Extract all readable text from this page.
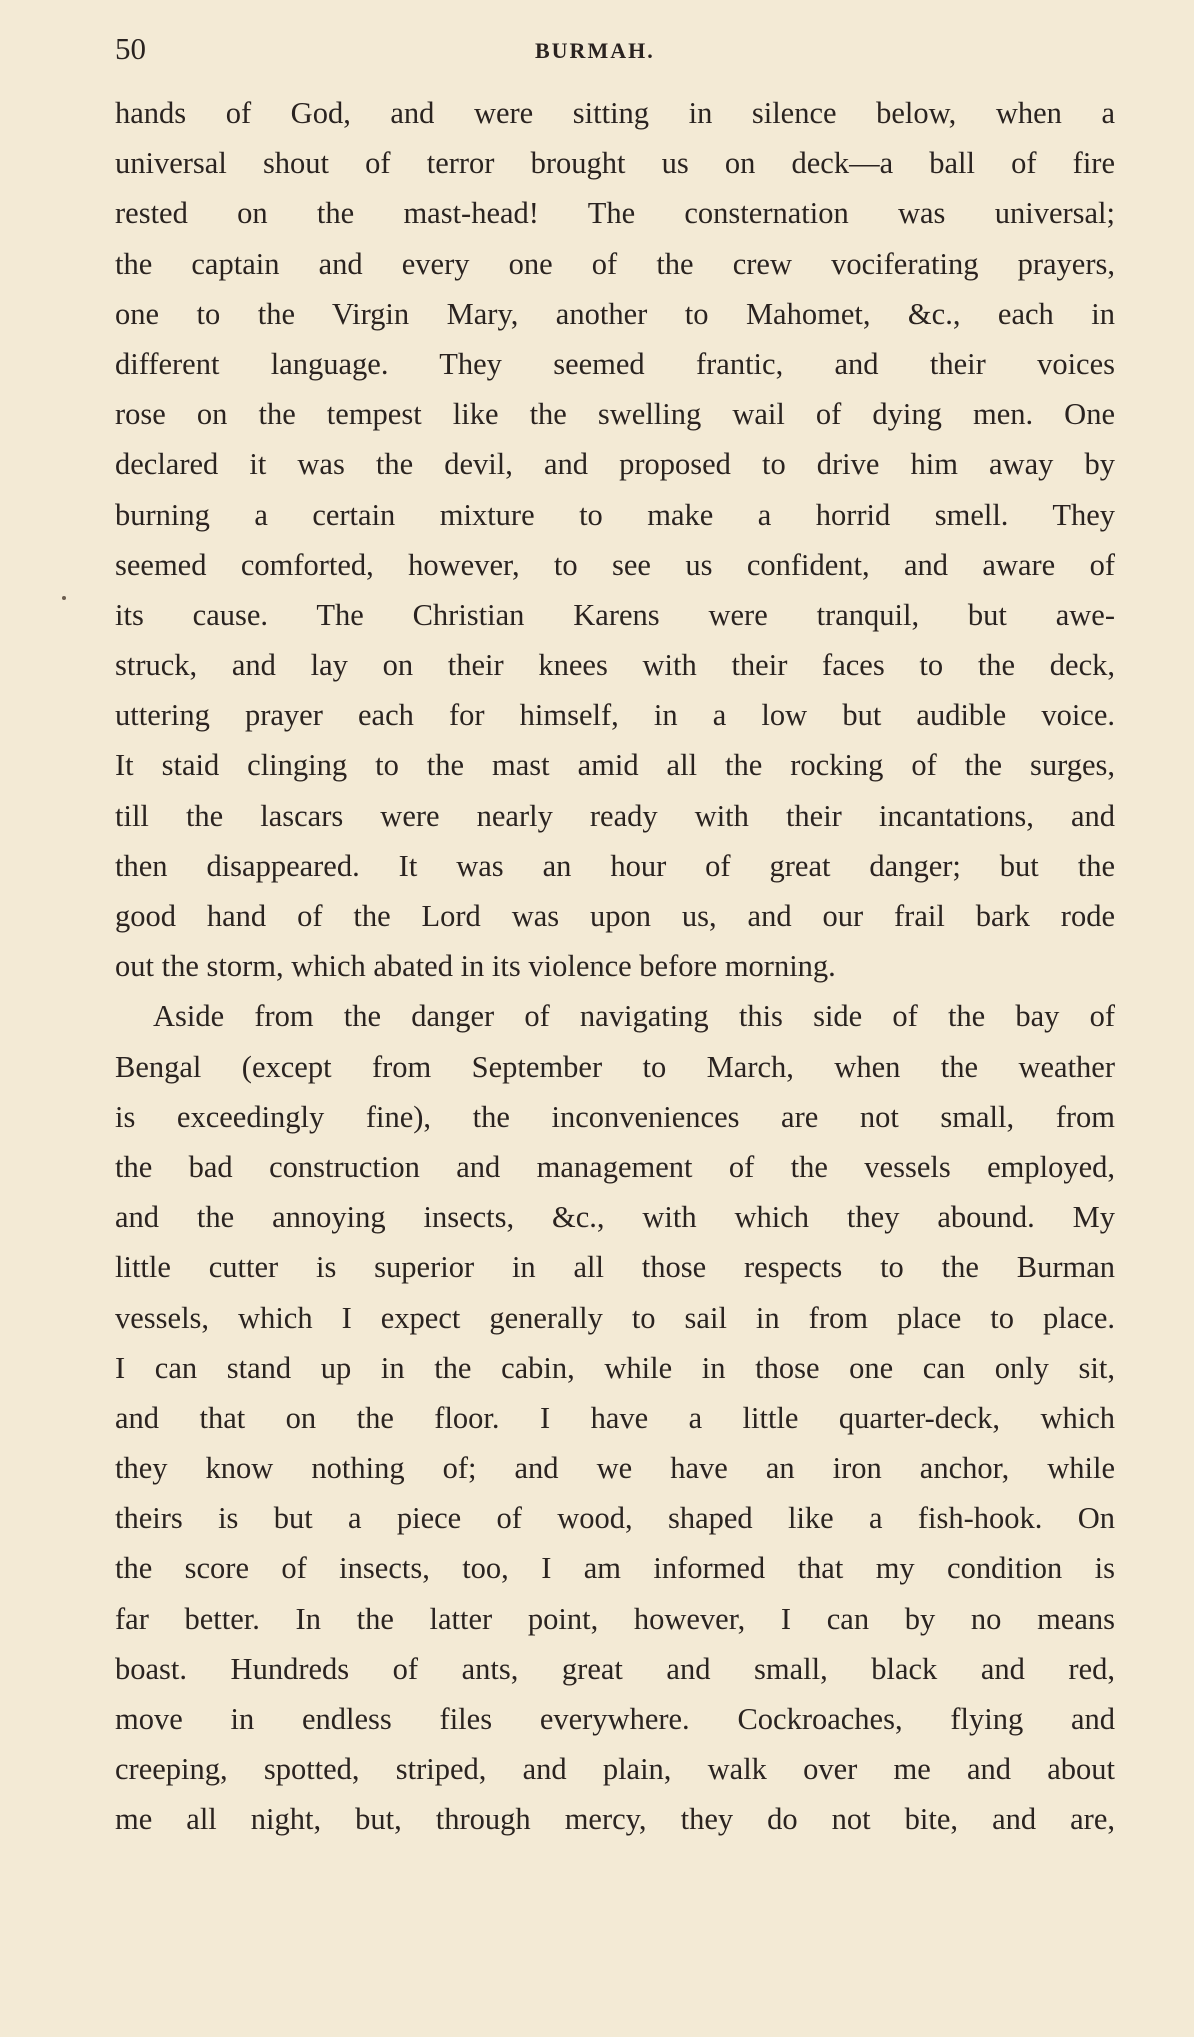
50	BURMAH.

hands of God, and were sitting in silence below, when a
universal shout of terror brought us on deck—a ball of fire
rested on the mast-head! The consternation was universal;
the captain and every one of the crew vociferating prayers,
one to the Virgin Mary, another to Mahomet, &c., each in
different language. They seemed frantic, and their voices
rose on the tempest like the swelling wail of dying men. One
declared it was the devil, and proposed to drive him away by
burning a certain mixture to make a horrid smell. They
seemed comforted, however, to see us confident, and aware of
its cause. The Christian Karens were tranquil, but awe-
struck, and lay on their knees with their faces to the deck,
uttering prayer each for himself, in a low but audible voice.
It staid clinging to the mast amid all the rocking of the surges,
till the lascars were nearly ready with their incantations, and
then disappeared. It was an hour of great danger; but the
good hand of the Lord was upon us, and our frail bark rode
out the storm, which abated in its violence before morning.

Aside from the danger of navigating this side of the bay of
Bengal (except from September to March, when the weather
is exceedingly fine), the inconveniences are not small, from
the bad construction and management of the vessels employed,
and the annoying insects, &c., with which they abound. My
little cutter is superior in all those respects to the Burman
vessels, which I expect generally to sail in from place to place.
I can stand up in the cabin, while in those one can only sit,
and that on the floor. I have a little quarter-deck, which
they know nothing of; and we have an iron anchor, while
theirs is but a piece of wood, shaped like a fish-hook. On
the score of insects, too, I am informed that my condition is
far better. In the latter point, however, I can by no means
boast. Hundreds of ants, great and small, black and red,
move in endless files everywhere. Cockroaches, flying and
creeping, spotted, striped, and plain, walk over me and about
me all night, but, through mercy, they do not bite, and are,
